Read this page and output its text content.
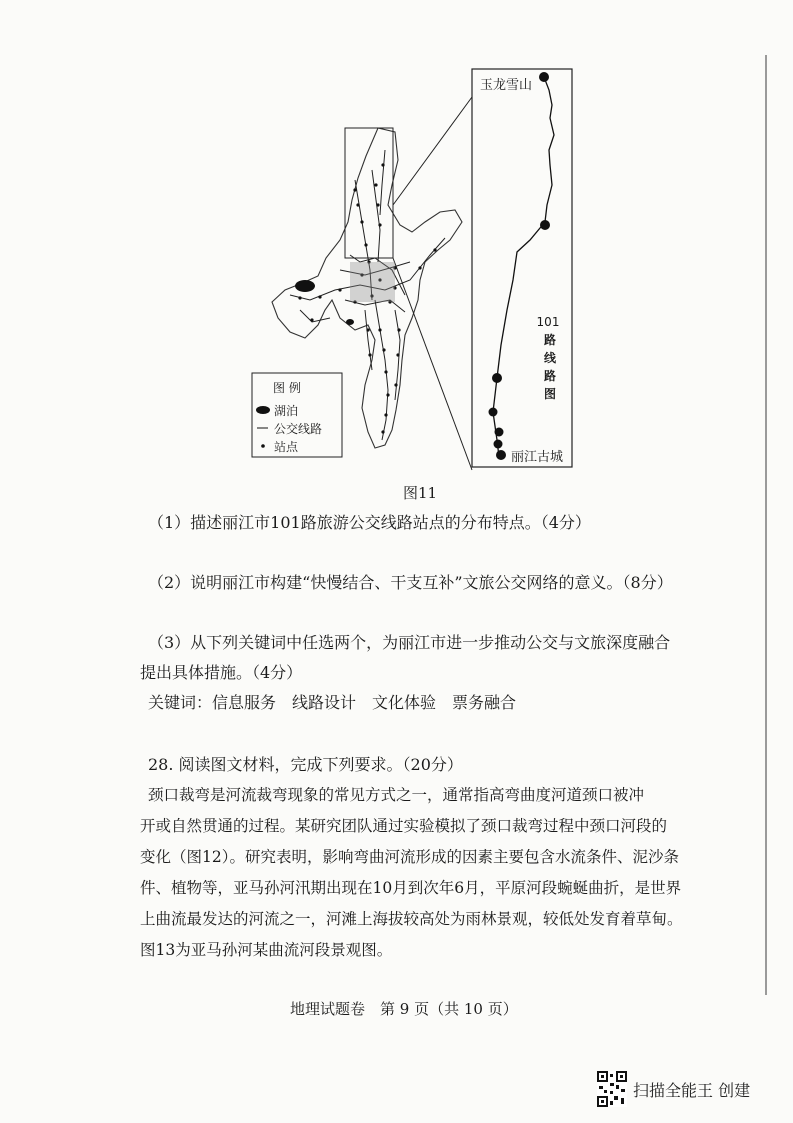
图 例
湖泊
公交线路
站点
玉龙雪山
丽江古城
101
路
线
路
图
图11
（1）描述丽江市101路旅游公交线路站点的分布特点。（4分）
（2）说明丽江市构建“快慢结合、干支互补”文旅公交网络的意义。（8分）
（3）从下列关键词中任选两个，为丽江市进一步推动公交与文旅深度融合
提出具体措施。（4分）
关键词：信息服务　线路设计　文化体验　票务融合
28. 阅读图文材料，完成下列要求。（20分）
颈口裁弯是河流裁弯现象的常见方式之一，通常指高弯曲度河道颈口被冲
开或自然贯通的过程。某研究团队通过实验模拟了颈口裁弯过程中颈口河段的
变化（图12）。研究表明，影响弯曲河流形成的因素主要包含水流条件、泥沙条
件、植物等，亚马孙河汛期出现在10月到次年6月，平原河段蜿蜒曲折，是世界
上曲流最发达的河流之一，河滩上海拔较高处为雨林景观，较低处发育着草甸。
图13为亚马孙河某曲流河段景观图。
地理试题卷　第 9 页（共 10 页）
扫描全能王 创建
